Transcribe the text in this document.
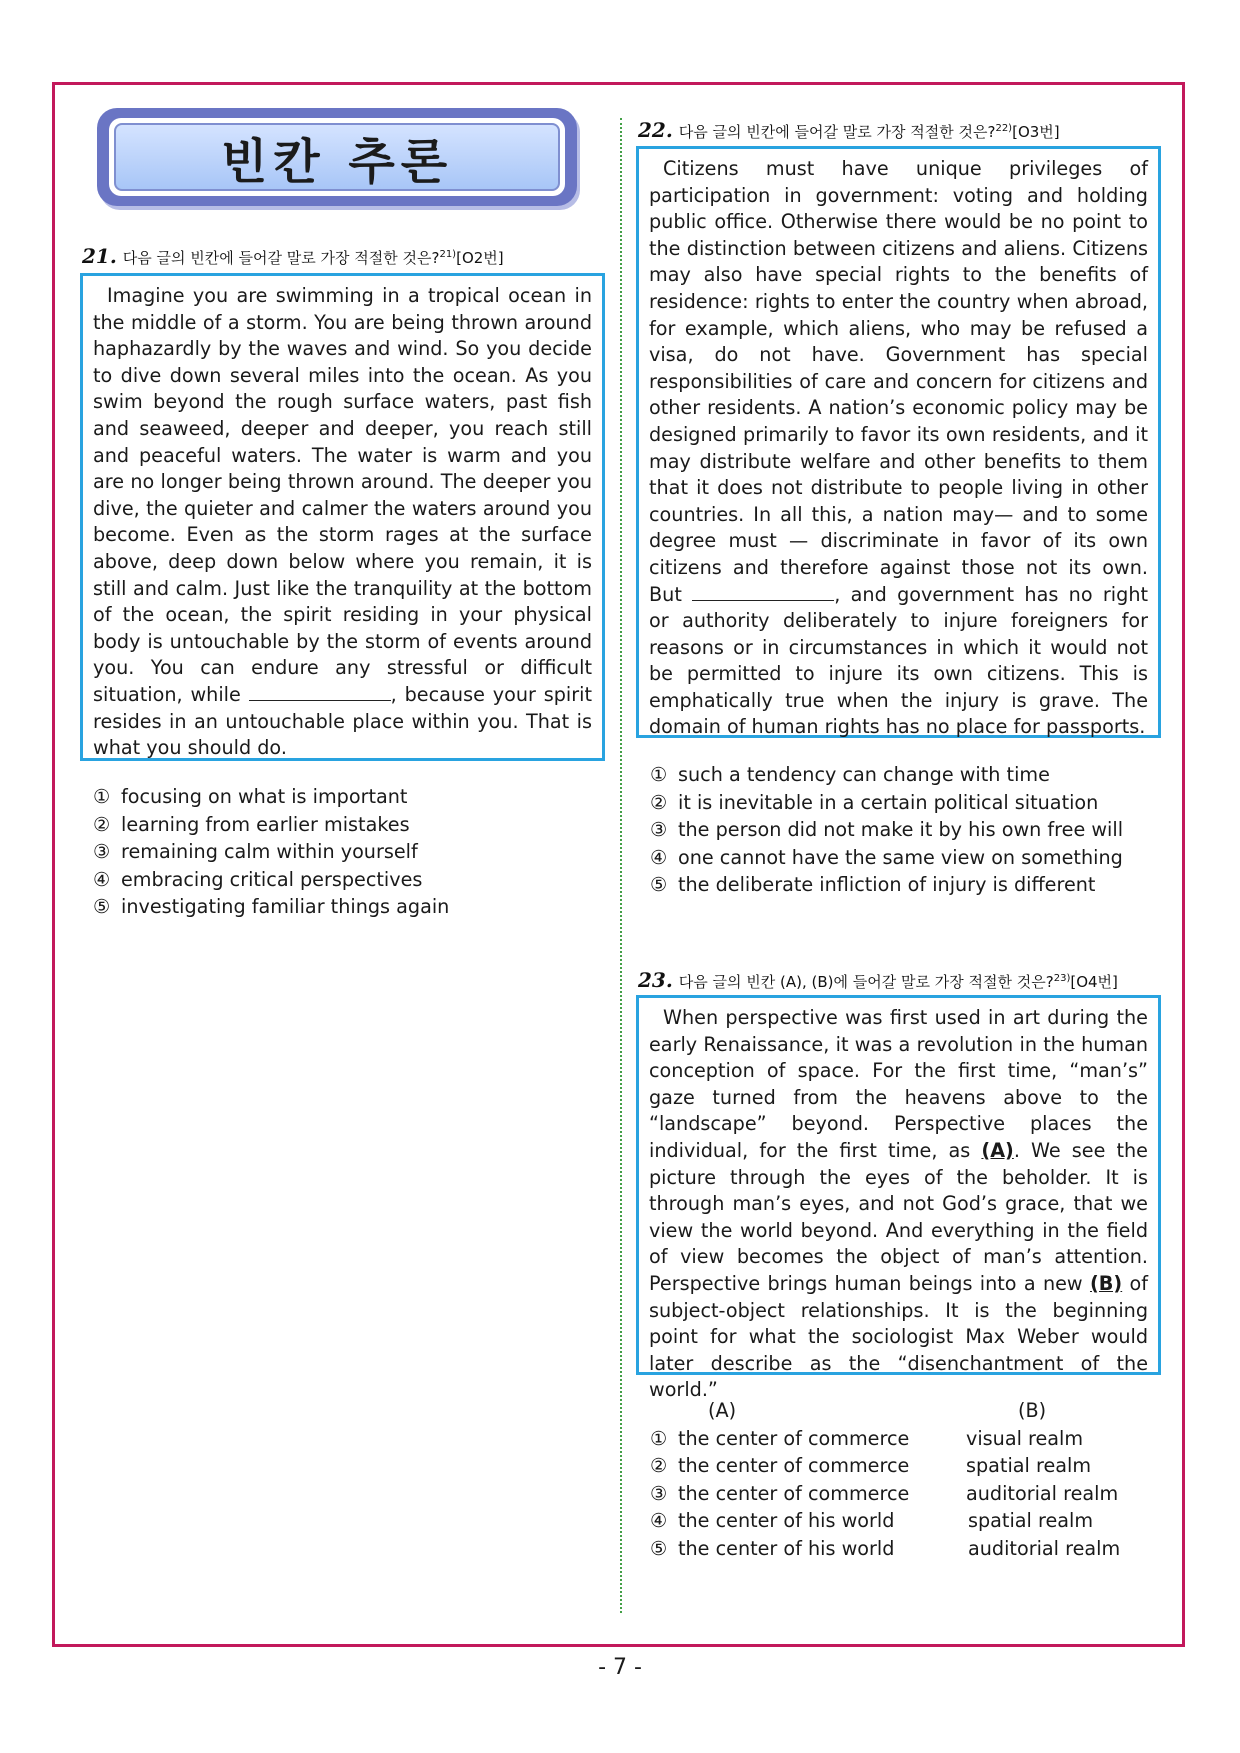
빈칸 추론
21. 다음 글의 빈칸에 들어갈 말로 가장 적절한 것은?$^{21)}$[O2번]

Imagine you are swimming in a tropical ocean in the middle of a storm. You are being thrown around haphazardly by the waves and wind. So you decide to dive down several miles into the ocean. As you swim beyond the rough surface waters, past fish and seaweed, deeper and deeper, you reach still and peaceful waters. The water is warm and you are no longer being thrown around. The deeper you dive, the quieter and calmer the waters around you become. Even as the storm rages at the surface above, deep down below where you remain, it is still and calm. Just like the tranquility at the bottom of the ocean, the spirit residing in your physical body is untouchable by the storm of events around you. You can endure any stressful or difficult situation, while	, because your spirit resides in an untouchable place within you. That is what you should do.

① focusing on what is important
② learning from earlier mistakes
③ remaining calm within yourself
④ embracing critical perspectives
⑤ investigating familiar things again
22. 다음 글의 빈칸에 들어갈 말로 가장 적절한 것은?$^{22)}$[O3번]

Citizens must have unique privileges of participation in government: voting and holding public office. Otherwise there would be no point to the distinction between citizens and aliens. Citizens may also have special rights to the benefits of residence: rights to enter the country when abroad, for example, which aliens, who may be refused a visa, do not have. Government has special responsibilities of care and concern for citizens and other residents. A nation’s economic policy may be designed primarily to favor its own residents, and it may distribute welfare and other benefits to them that it does not distribute to people living in other countries. In all this, a nation may— and to some degree must — discriminate in favor of its own citizens and therefore against those not its own. But	, and government has no right or authority deliberately to injure foreigners for reasons or in circumstances in which it would not be permitted to injure its own citizens. This is emphatically true when the injury is grave. The domain of human rights has no place for passports.

① such a tendency can change with time
② it is inevitable in a certain political situation
③ the person did not make it by his own free will
④ one cannot have the same view on something
⑤ the deliberate infliction of injury is different
23. 다음 글의 빈칸 (A), (B)에 들어갈 말로 가장 적절한 것은?$^{23)}$[O4번]

When perspective was first used in art during the early Renaissance, it was a revolution in the human conception of space. For the first time, “man’s” gaze turned from the heavens above to the “landscape” beyond. Perspective places the individual, for the first time, as (A). We see the picture through the eyes of the beholder. It is through man’s eyes, and not God’s grace, that we view the world beyond. And everything in the field of view becomes the object of man’s attention. Perspective brings human beings into a new (B) of subject-object relationships. It is the beginning point for what the sociologist Max Weber would later describe as the “disenchantment of the world.”

(A)	(B)
① the center of commerce	visual realm
② the center of commerce	spatial realm
③ the center of commerce	auditorial realm
④ the center of his world	spatial realm
⑤ the center of his world	auditorial realm
- 7 -
